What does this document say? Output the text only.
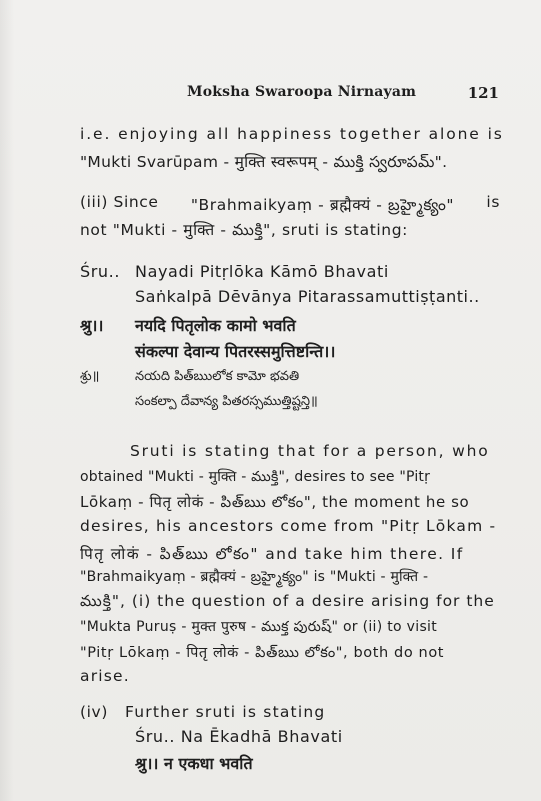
Moksha Swaroopa Nirnayam	121
i.e. enjoying all happiness together alone is
"Mukti Svarūpam - मुक्ति स्वरूपम् - ముక్తి స్వరూపమ్".
(iii) Since "Brahmaikyaṃ - ब्रह्मैक्यं - బ్రహ్మైక్యం" is
not "Mukti - मुक्ति - ముక్తి", sruti is stating:
Śru.. Nayadi Pitṛlōka Kāmō Bhavati
Saṅkalpā Dēvānya Pitarassamuttiṣṭanti..
श्रु।। नयदि पितृलोक कामो भवति
संकल्पा देवान्य पितरस्समुत्तिष्टन्ति।।
శ్రు॥	నయది పిత్ఋలోక కామో భవతి
సంకల్పా దేవాన్య పితరస్సముత్తిష్టన్తి॥
Sruti is stating that for a person, who
obtained "Mukti - मुक्ति - ముక్తి", desires to see "Pitṛ
Lōkaṃ - पितृ लोकं - పిత్ఋ లోకం", the moment he so
desires, his ancestors come from "Pitṛ Lōkam -
पितृ लोकं - పిత్ఋ లోకం" and take him there. If
"Brahmaikyaṃ - ब्रह्मैक्यं - బ్రహ్మైక్యం" is "Mukti - मुक्ति -
ముక్తి", (i) the question of a desire arising for the
"Mukta Puruṣ - मुक्त पुरुष - ముక్త పురుష్" or (ii) to visit
"Pitṛ Lōkaṃ - पितृ लोकं - పిత్ఋ లోకం", both do not
arise.
(iv) Further sruti is stating
Śru.. Na Ēkadhā Bhavati
श्रु।। न एकधा भवति
